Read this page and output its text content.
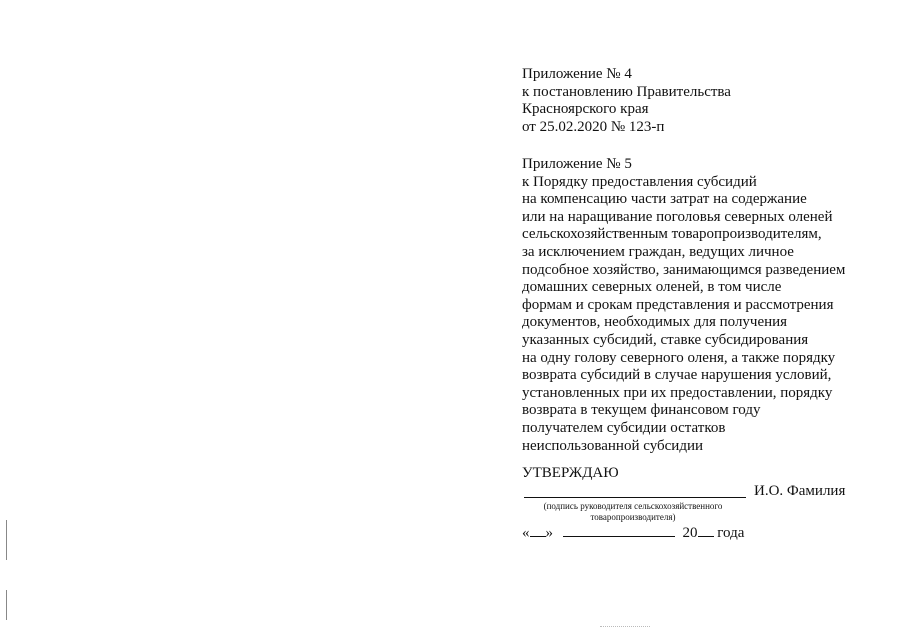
Приложение № 4
к постановлению Правительства
Красноярского края
от 25.02.2020 № 123-п
Приложение № 5
к Порядку предоставления субсидий
на компенсацию части затрат на содержание
или на наращивание поголовья северных оленей
сельскохозяйственным товаропроизводителям,
за исключением граждан, ведущих личное
подсобное хозяйство, занимающимся разведением
домашних северных оленей, в том числе
формам и срокам представления и рассмотрения
документов, необходимых для получения
указанных субсидий, ставке субсидирования
на одну голову северного оленя, а также порядку
возврата субсидий в случае нарушения условий,
установленных при их предоставлении, порядку
возврата в текущем финансовом году
получателем субсидии остатков
неиспользованной субсидии
УТВЕРЖДАЮ
И.О. Фамилия
(подпись руководителя сельскохозяйственного
товаропроизводителя)
« »	20 года
